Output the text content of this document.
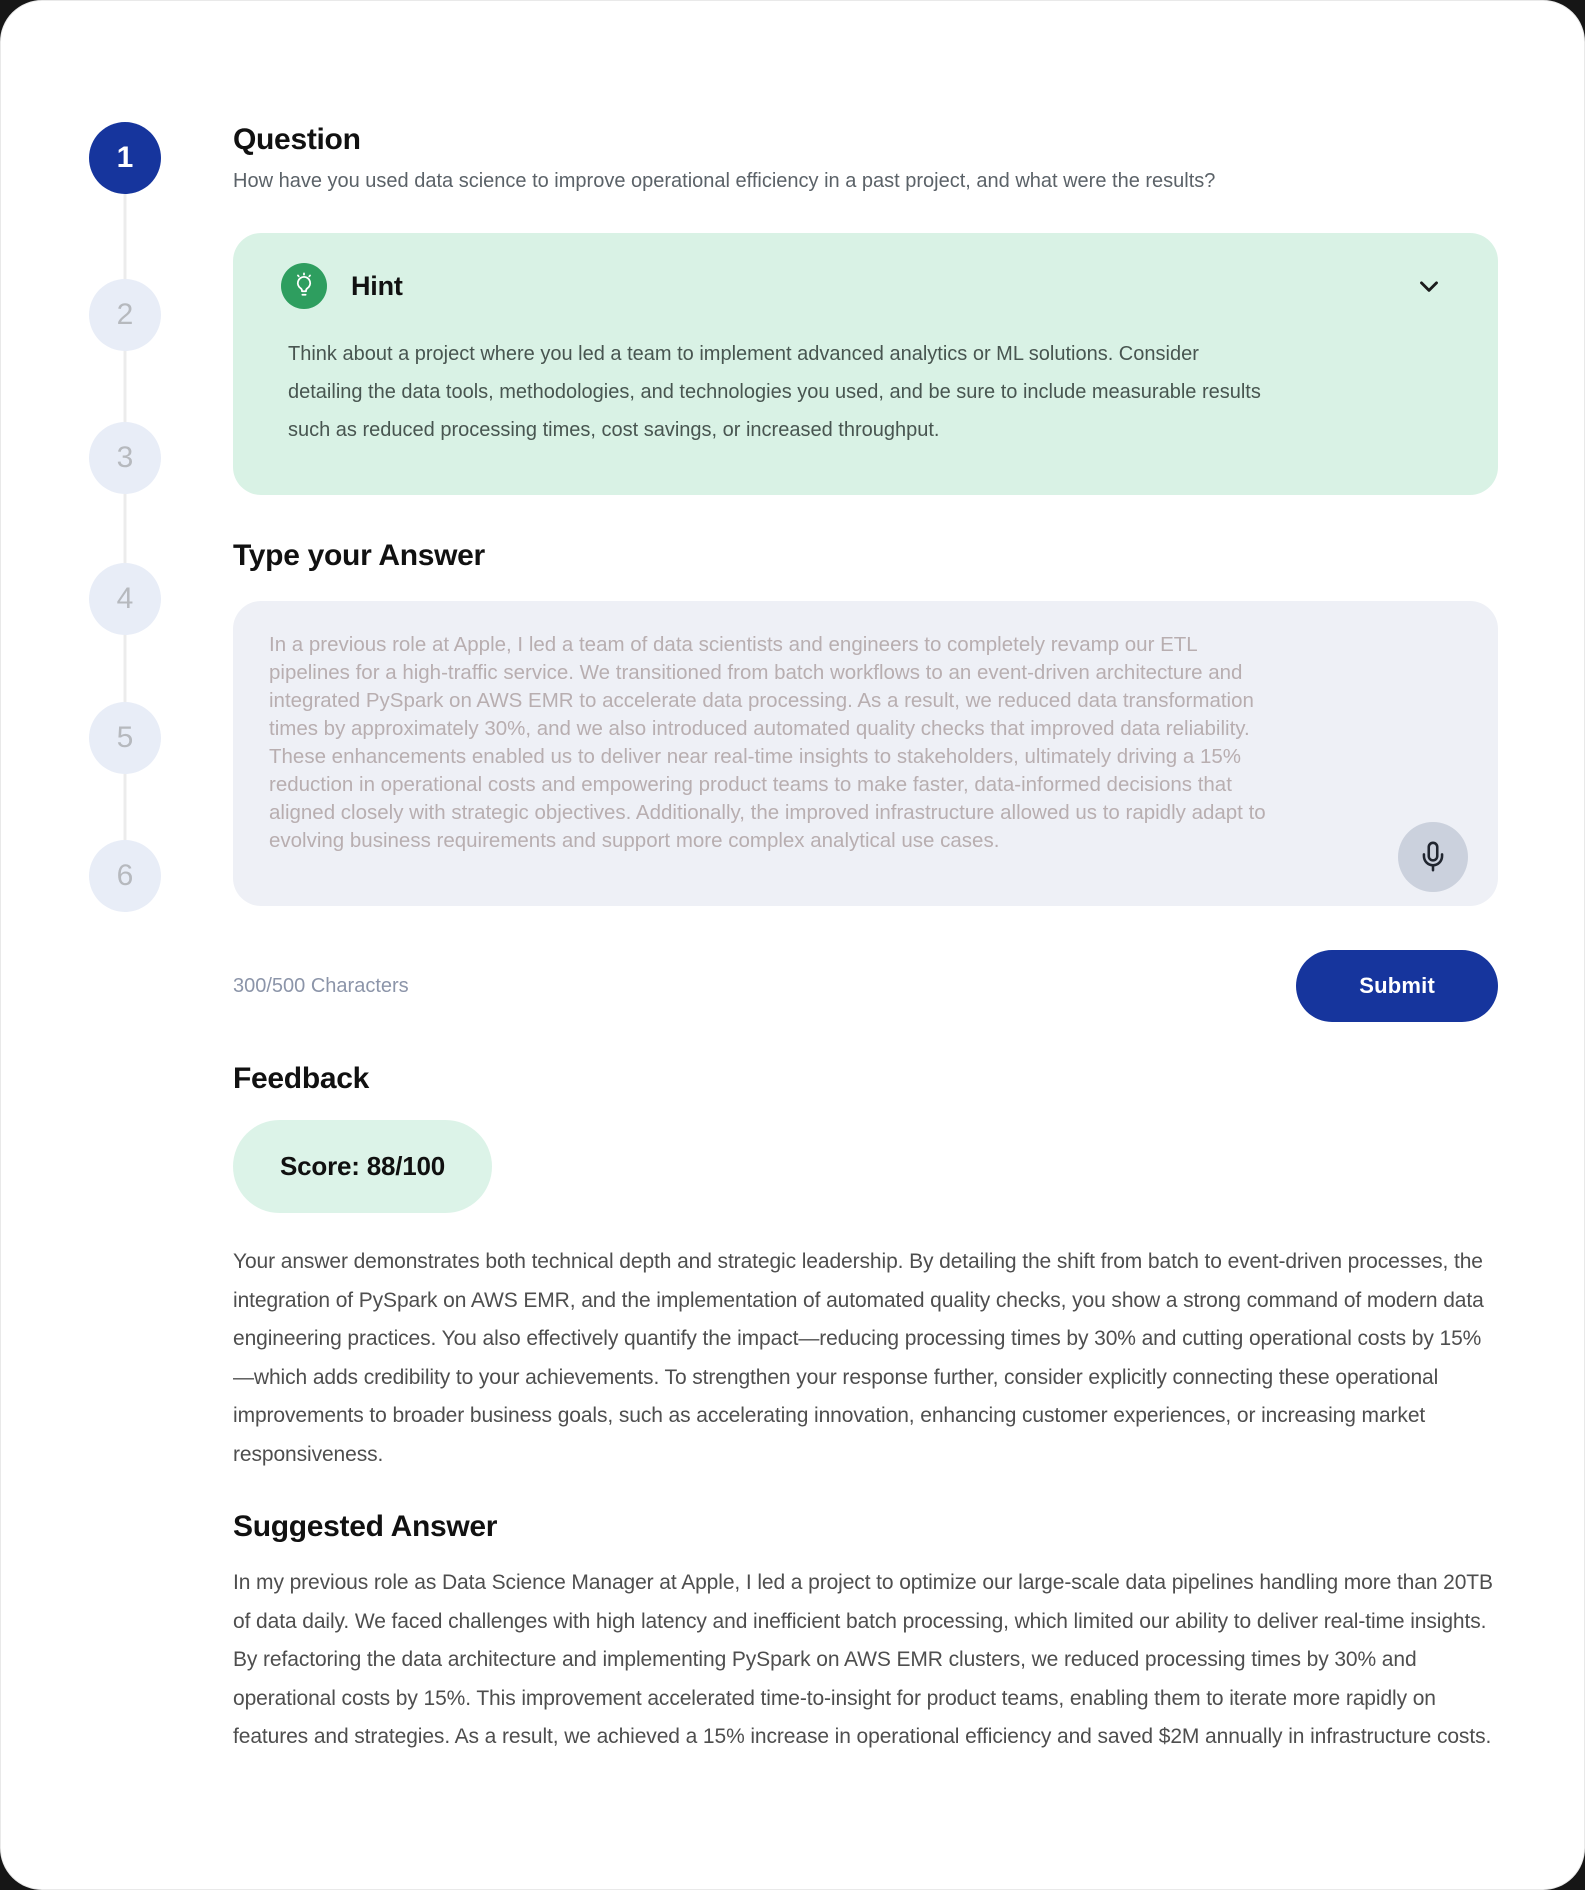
1
2
3
4
5
6
Question
How have you used data science to improve operational efficiency in a past project, and what were the results?
Hint
Think about a project where you led a team to implement advanced analytics or ML solutions. Consider detailing the data tools, methodologies, and technologies you used, and be sure to include measurable results such as reduced processing times, cost savings, or increased throughput.
Type your Answer
In a previous role at Apple, I led a team of data scientists and engineers to completely revamp our ETL pipelines for a high-traffic service. We transitioned from batch workflows to an event-driven architecture and integrated PySpark on AWS EMR to accelerate data processing. As a result, we reduced data transformation times by approximately 30%, and we also introduced automated quality checks that improved data reliability. These enhancements enabled us to deliver near real-time insights to stakeholders, ultimately driving a 15% reduction in operational costs and empowering product teams to make faster, data-informed decisions that aligned closely with strategic objectives. Additionally, the improved infrastructure allowed us to rapidly adapt to evolving business requirements and support more complex analytical use cases.
300/500 Characters	Submit
Feedback
Score: 88/100
Your answer demonstrates both technical depth and strategic leadership. By detailing the shift from batch to event-driven processes, the integration of PySpark on AWS EMR, and the implementation of automated quality checks, you show a strong command of modern data engineering practices. You also effectively quantify the impact—reducing processing times by 30% and cutting operational costs by 15%—which adds credibility to your achievements. To strengthen your response further, consider explicitly connecting these operational improvements to broader business goals, such as accelerating innovation, enhancing customer experiences, or increasing market responsiveness.
Suggested Answer
In my previous role as Data Science Manager at Apple, I led a project to optimize our large-scale data pipelines handling more than 20TB of data daily. We faced challenges with high latency and inefficient batch processing, which limited our ability to deliver real-time insights. By refactoring the data architecture and implementing PySpark on AWS EMR clusters, we reduced processing times by 30% and operational costs by 15%. This improvement accelerated time-to-insight for product teams, enabling them to iterate more rapidly on features and strategies. As a result, we achieved a 15% increase in operational efficiency and saved $2M annually in infrastructure costs.
